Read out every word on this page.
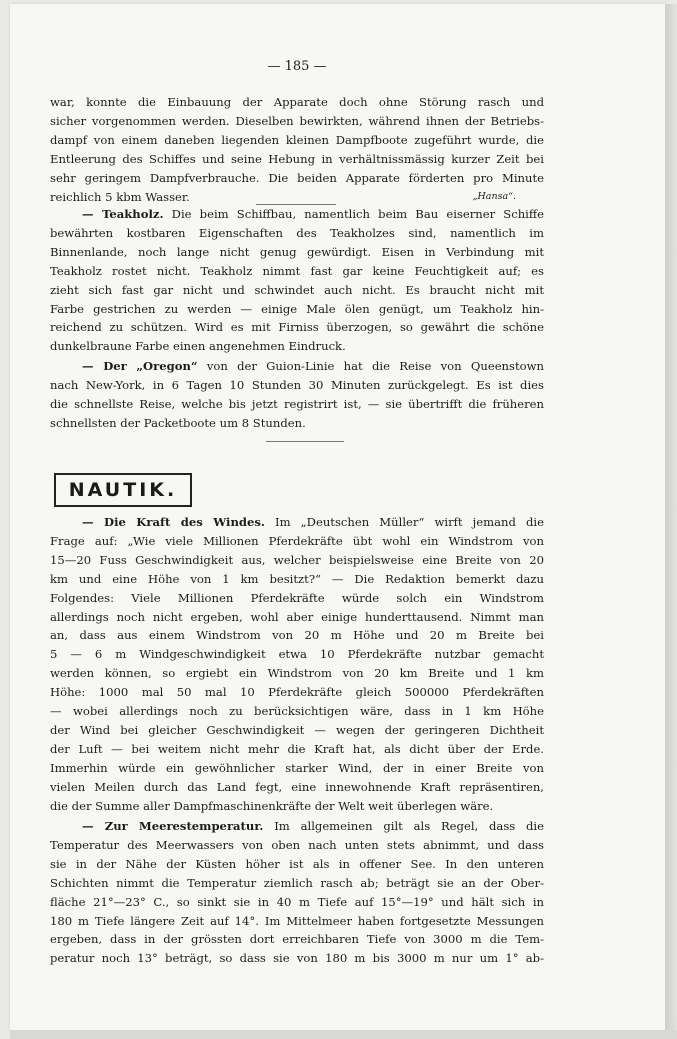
— 185 —

war, konnte die Einbauung der Apparate doch ohne Störung rasch und
sicher vorgenommen werden. Dieselben bewirkten, während ihnen der Betriebs-
dampf von einem daneben liegenden kleinen Dampfboote zugeführt wurde, die
Entleerung des Schiffes und seine Hebung in verhältnissmässig kurzer Zeit bei
sehr geringem Dampfverbrauche. Die beiden Apparate förderten pro Minute
reichlich 5 kbm Wasser.	„Hansa“.

— Teakholz. Die beim Schiffbau, namentlich beim Bau eiserner Schiffe
bewährten kostbaren Eigenschaften des Teakholzes sind, namentlich im
Binnenlande, noch lange nicht genug gewürdigt. Eisen in Verbindung mit
Teakholz rostet nicht. Teakholz nimmt fast gar keine Feuchtigkeit auf; es
zieht sich fast gar nicht und schwindet auch nicht. Es braucht nicht mit
Farbe gestrichen zu werden — einige Male ölen genügt, um Teakholz hin-
reichend zu schützen. Wird es mit Firniss überzogen, so gewährt die schöne
dunkelbraune Farbe einen angenehmen Eindruck.

— Der „Oregon“ von der Guion-Linie hat die Reise von Queenstown
nach New-York, in 6 Tagen 10 Stunden 30 Minuten zurückgelegt. Es ist dies
die schnellste Reise, welche bis jetzt registrirt ist, — sie übertrifft die früheren
schnellsten der Packetboote um 8 Stunden.

NAUTIK.

— Die Kraft des Windes. Im „Deutschen Müller“ wirft jemand die
Frage auf: „Wie viele Millionen Pferdekräfte übt wohl ein Windstrom von
15—20 Fuss Geschwindigkeit aus, welcher beispielsweise eine Breite von 20
km und eine Höhe von 1 km besitzt?“ — Die Redaktion bemerkt dazu
Folgendes: Viele Millionen Pferdekräfte würde solch ein Windstrom
allerdings noch nicht ergeben, wohl aber einige hunderttausend. Nimmt man
an, dass aus einem Windstrom von 20 m Höhe und 20 m Breite bei
5 — 6 m Windgeschwindigkeit etwa 10 Pferdekräfte nutzbar gemacht
werden können, so ergiebt ein Windstrom von 20 km Breite und 1 km
Höhe: 1000 mal 50 mal 10 Pferdekräfte gleich 500000 Pferdekräften
— wobei allerdings noch zu berücksichtigen wäre, dass in 1 km Höhe
der Wind bei gleicher Geschwindigkeit — wegen der geringeren Dichtheit
der Luft — bei weitem nicht mehr die Kraft hat, als dicht über der Erde.
Immerhin würde ein gewöhnlicher starker Wind, der in einer Breite von
vielen Meilen durch das Land fegt, eine innewohnende Kraft repräsentiren,
die der Summe aller Dampfmaschinenkräfte der Welt weit überlegen wäre.

— Zur Meerestemperatur. Im allgemeinen gilt als Regel, dass die
Temperatur des Meerwassers von oben nach unten stets abnimmt, und dass
sie in der Nähe der Küsten höher ist als in offener See. In den unteren
Schichten nimmt die Temperatur ziemlich rasch ab; beträgt sie an der Ober-
fläche 21°—23° C., so sinkt sie in 40 m Tiefe auf 15°—19° und hält sich in
180 m Tiefe längere Zeit auf 14°. Im Mittelmeer haben fortgesetzte Messungen
ergeben, dass in der grössten dort erreichbaren Tiefe von 3000 m die Tem-
peratur noch 13° beträgt, so dass sie von 180 m bis 3000 m nur um 1° ab-
